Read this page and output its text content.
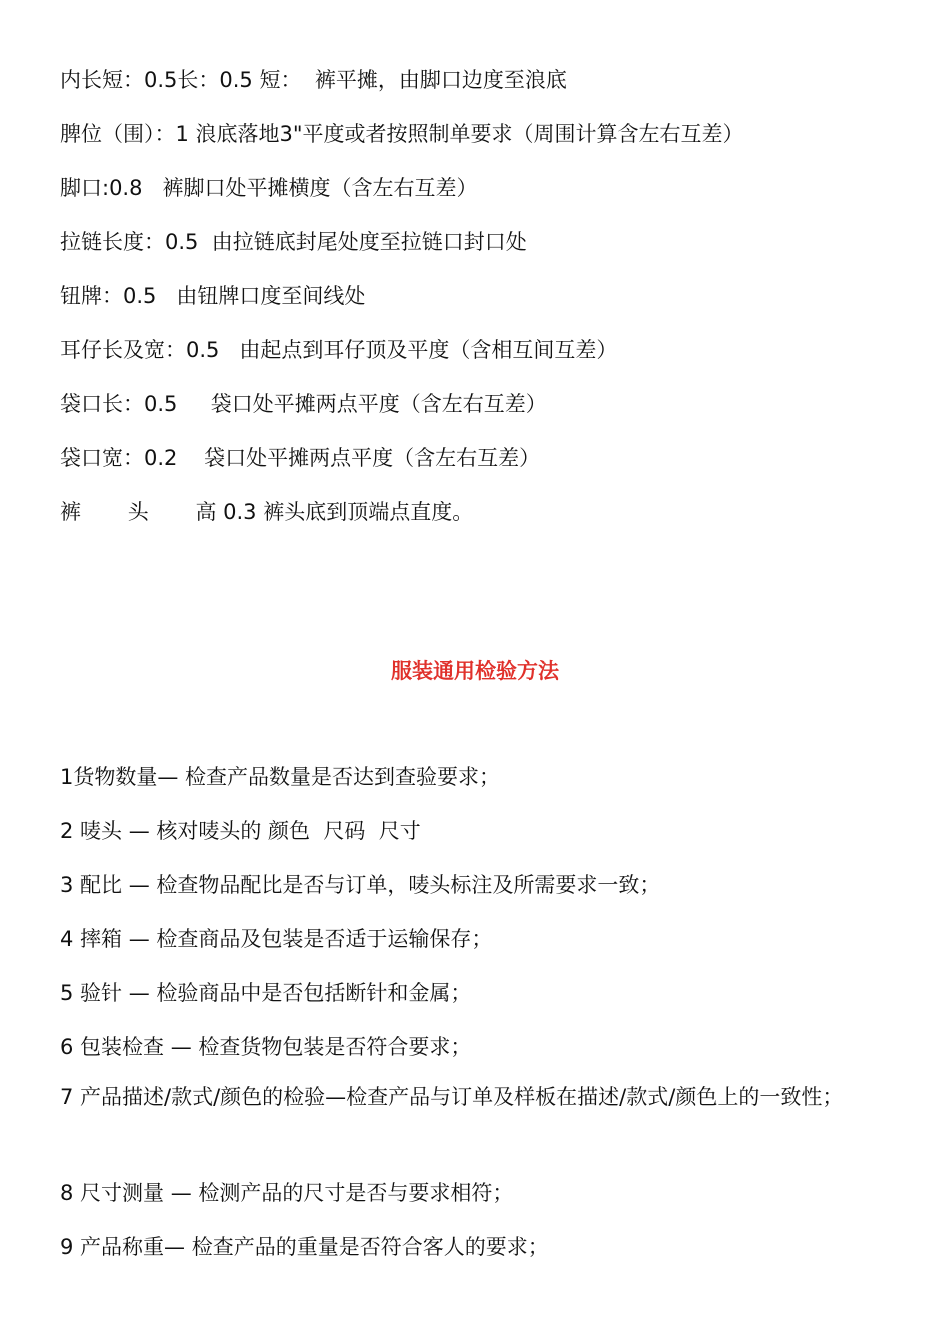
内长短：0.5长：0.5 短：  裤平摊，由脚口边度至浪底
脾位（围）：1 浪底落地3"平度或者按照制单要求（周围计算含左右互差）
脚口:0.8   裤脚口处平摊横度（含左右互差）
拉链长度：0.5  由拉链底封尾处度至拉链口封口处
钮牌：0.5   由钮牌口度至间线处
耳仔长及宽：0.5   由起点到耳仔顶及平度（含相互间互差）
袋口长：0.5     袋口处平摊两点平度（含左右互差）
袋口宽：0.2    袋口处平摊两点平度（含左右互差）
裤       头       高 0.3 裤头底到顶端点直度。
服装通用检验方法
1货物数量— 检查产品数量是否达到查验要求；
2 唛头 — 核对唛头的 颜色  尺码  尺寸
3 配比 — 检查物品配比是否与订单，唛头标注及所需要求一致；
4 摔箱 — 检查商品及包装是否适于运输保存；
5 验针 — 检验商品中是否包括断针和金属；
6 包装检查 — 检查货物包装是否符合要求；
7 产品描述/款式/颜色的检验—检查产品与订单及样板在描述/款式/颜色上的一致性；
8 尺寸测量 — 检测产品的尺寸是否与要求相符；
9 产品称重— 检查产品的重量是否符合客人的要求；
